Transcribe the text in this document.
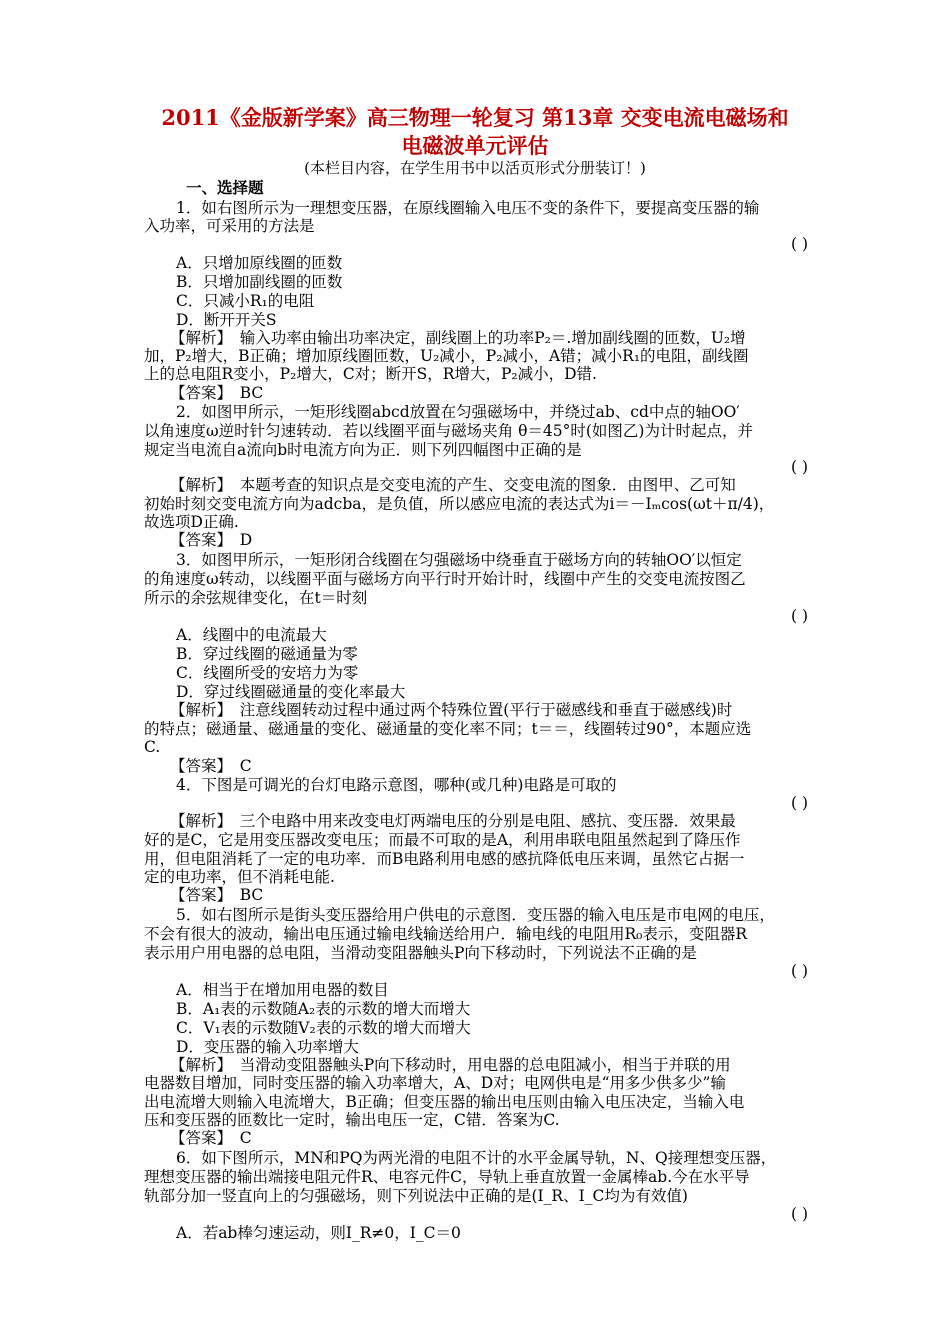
2011《金版新学案》高三物理一轮复习 第13章 交变电流电磁场和
电磁波单元评估
(本栏目内容，在学生用书中以活页形式分册装订！)
一、选择题
1．如右图所示为一理想变压器，在原线圈输入电压不变的条件下，要提高变压器的输
入功率，可采用的方法是
( )
A．只增加原线圈的匝数
B．只增加副线圈的匝数
C．只减小R₁的电阻
D．断开开关S
【解析】　输入功率由输出功率决定，副线圈上的功率P₂＝.增加副线圈的匝数，U₂增
加，P₂增大，B正确；增加原线圈匝数，U₂减小，P₂减小，A错；减小R₁的电阻，副线圈
上的总电阻R变小，P₂增大，C对；断开S，R增大，P₂减小，D错.
【答案】　BC
2．如图甲所示，一矩形线圈abcd放置在匀强磁场中，并绕过ab、cd中点的轴OO′
以角速度ω逆时针匀速转动．若以线圈平面与磁场夹角 θ＝45°时(如图乙)为计时起点，并
规定当电流自a流向b时电流方向为正．则下列四幅图中正确的是
( )
【解析】　本题考查的知识点是交变电流的产生、交变电流的图象．由图甲、乙可知
初始时刻交变电流方向为adcba，是负值，所以感应电流的表达式为i＝－Iₘcos(ωt＋π/4)，
故选项D正确.
【答案】　D
3．如图甲所示，一矩形闭合线圈在匀强磁场中绕垂直于磁场方向的转轴OO′以恒定
的角速度ω转动，以线圈平面与磁场方向平行时开始计时，线圈中产生的交变电流按图乙
所示的余弦规律变化，在t＝时刻
( )
A．线圈中的电流最大
B．穿过线圈的磁通量为零
C．线圈所受的安培力为零
D．穿过线圈磁通量的变化率最大
【解析】　注意线圈转动过程中通过两个特殊位置(平行于磁感线和垂直于磁感线)时
的特点；磁通量、磁通量的变化、磁通量的变化率不同；t＝＝，线圈转过90°，本题应选
C.
【答案】　C
4．下图是可调光的台灯电路示意图，哪种(或几种)电路是可取的
( )
【解析】　三个电路中用来改变电灯两端电压的分别是电阻、感抗、变压器．效果最
好的是C，它是用变压器改变电压；而最不可取的是A，利用串联电阻虽然起到了降压作
用，但电阻消耗了一定的电功率．而B电路利用电感的感抗降低电压来调，虽然它占据一
定的电功率，但不消耗电能.
【答案】　BC
5．如右图所示是街头变压器给用户供电的示意图．变压器的输入电压是市电网的电压，
不会有很大的波动，输出电压通过输电线输送给用户．输电线的电阻用R₀表示，变阻器R
表示用户用电器的总电阻，当滑动变阻器触头P向下移动时，下列说法不正确的是
( )
A．相当于在增加用电器的数目
B．A₁表的示数随A₂表的示数的增大而增大
C．V₁表的示数随V₂表的示数的增大而增大
D．变压器的输入功率增大
【解析】　当滑动变阻器触头P向下移动时，用电器的总电阻减小，相当于并联的用
电器数目增加，同时变压器的输入功率增大，A、D对；电网供电是“用多少供多少”输
出电流增大则输入电流增大，B正确；但变压器的输出电压则由输入电压决定，当输入电
压和变压器的匝数比一定时，输出电压一定，C错．答案为C.
【答案】　C
6．如下图所示，MN和PQ为两光滑的电阻不计的水平金属导轨，N、Q接理想变压器，
理想变压器的输出端接电阻元件R、电容元件C，导轨上垂直放置一金属棒ab.今在水平导
轨部分加一竖直向上的匀强磁场，则下列说法中正确的是(I_R、I_C均为有效值)
( )
A．若ab棒匀速运动，则I_R≠0，I_C＝0
